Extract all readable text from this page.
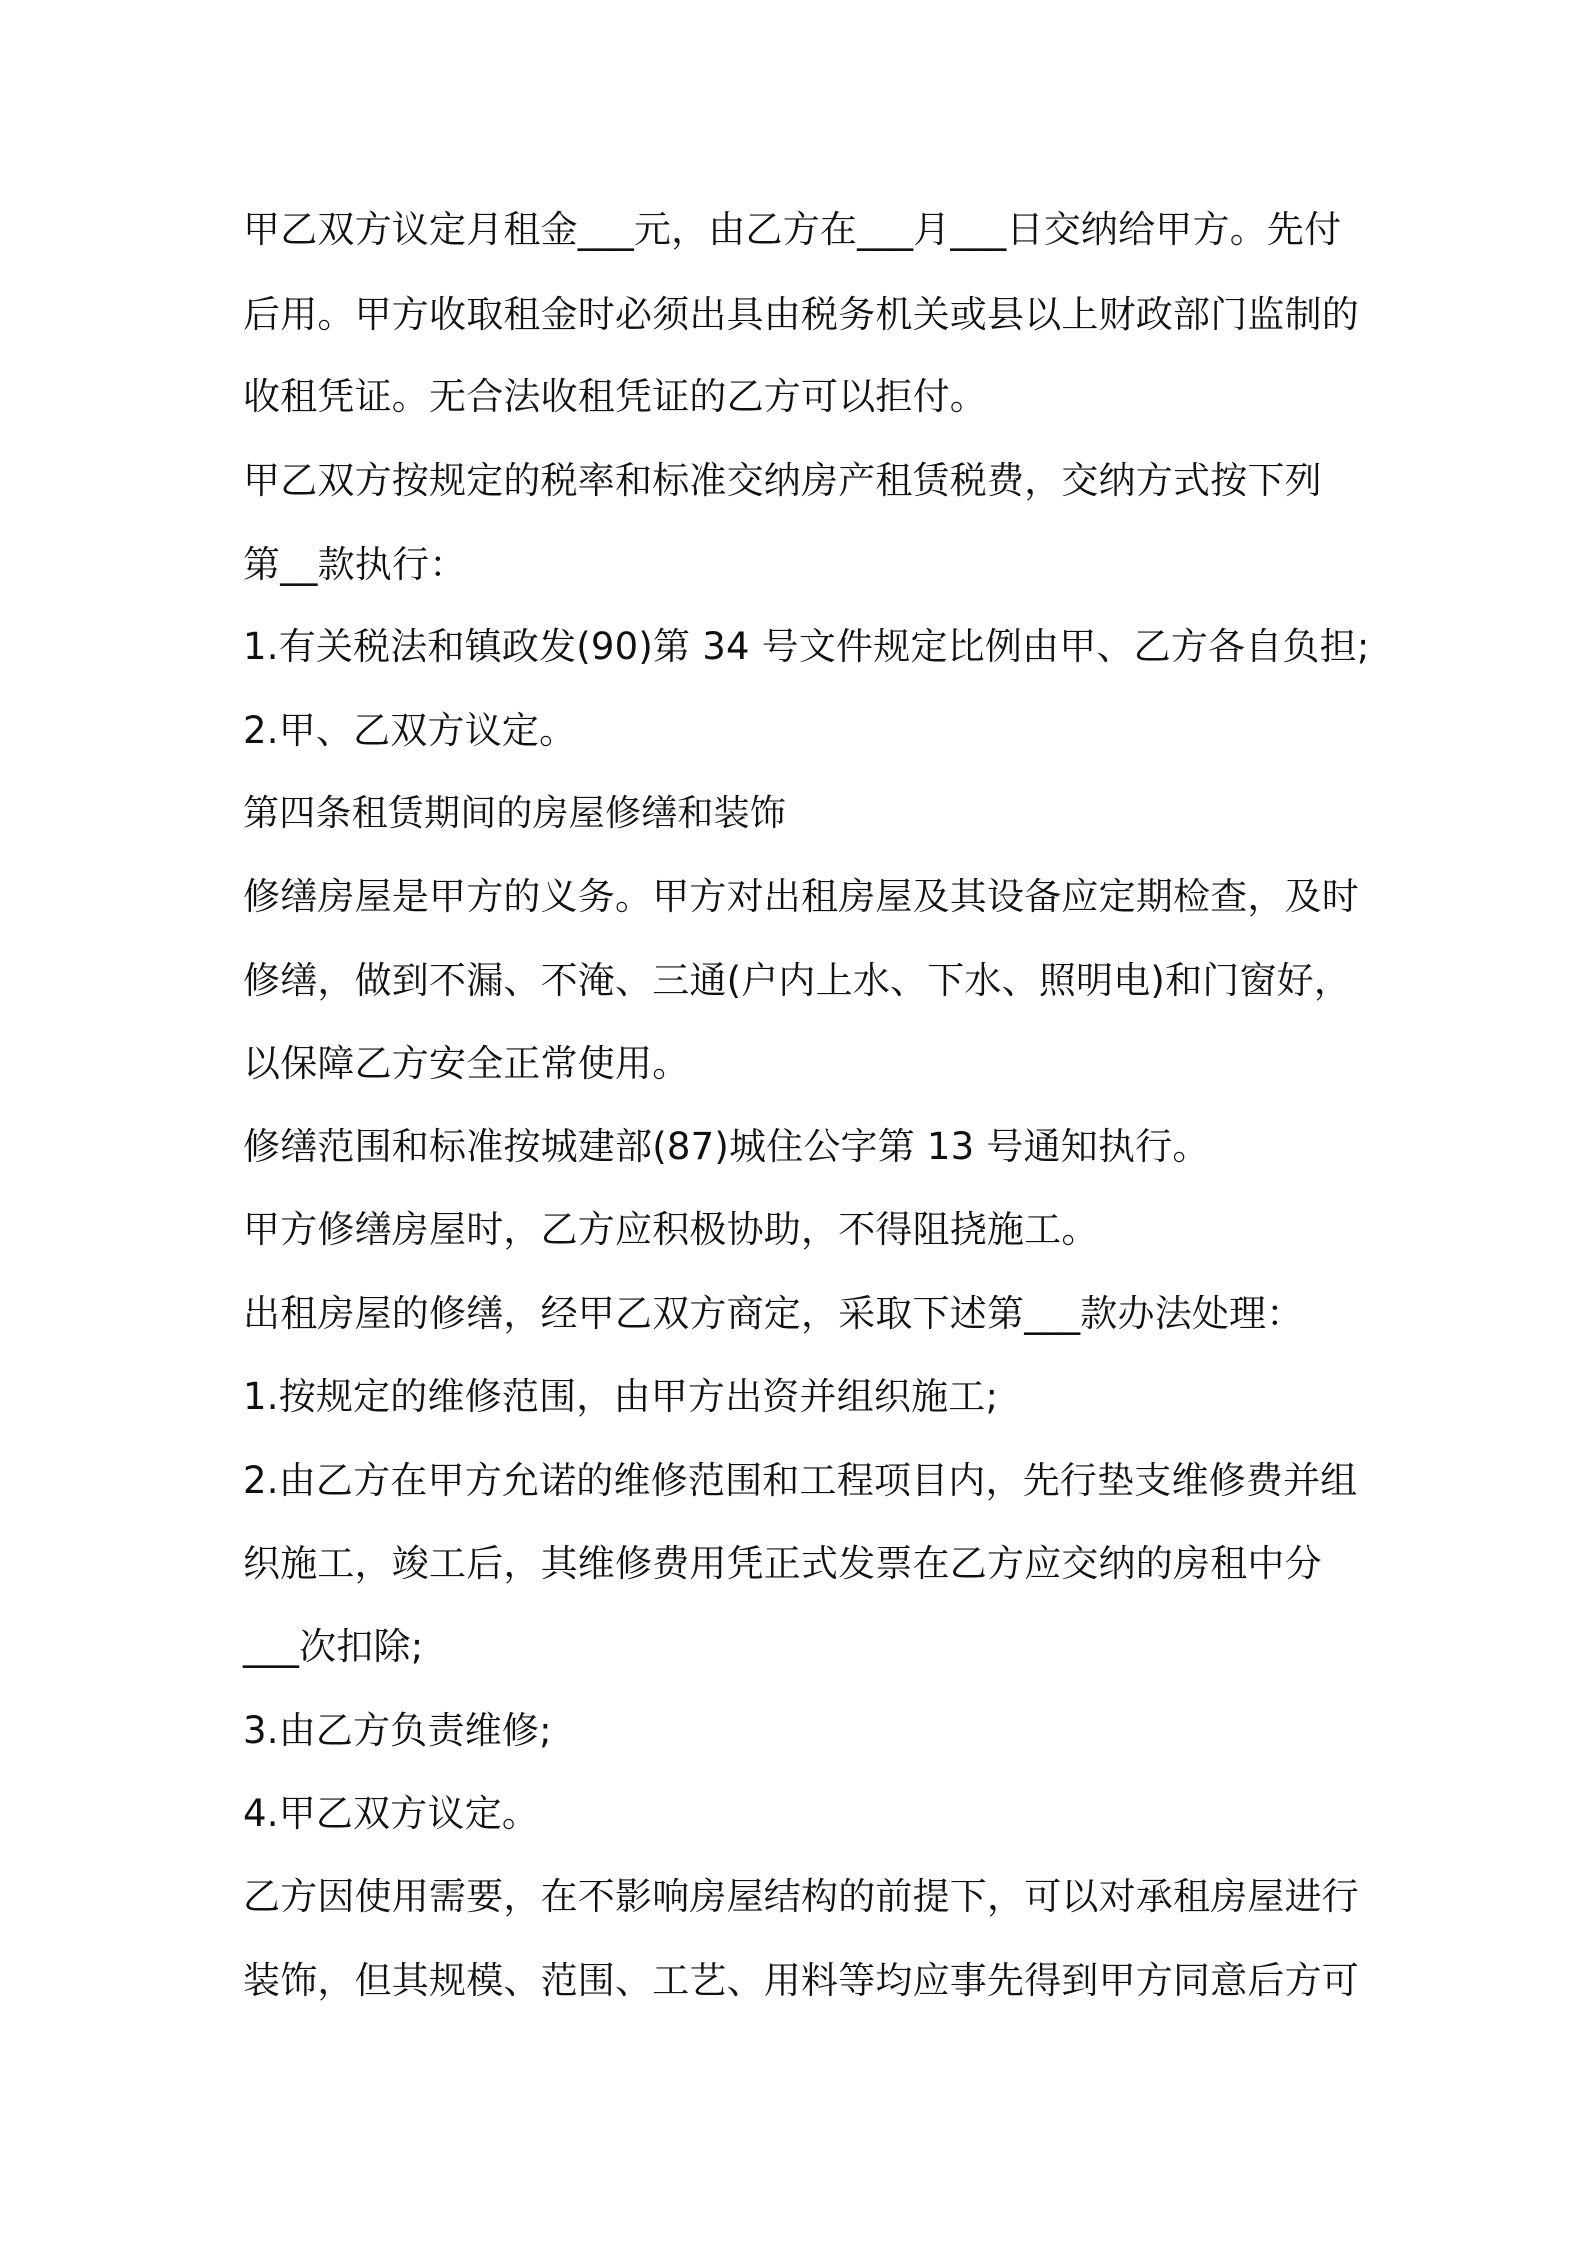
甲乙双方议定月租金___元，由乙方在___月___日交纳给甲方。先付
后用。甲方收取租金时必须出具由税务机关或县以上财政部门监制的
收租凭证。无合法收租凭证的乙方可以拒付。
甲乙双方按规定的税率和标准交纳房产租赁税费，交纳方式按下列
第__款执行：
1.有关税法和镇政发(90)第 34 号文件规定比例由甲、乙方各自负担;
2.甲、乙双方议定。
第四条租赁期间的房屋修缮和装饰
修缮房屋是甲方的义务。甲方对出租房屋及其设备应定期检查，及时
修缮，做到不漏、不淹、三通(户内上水、下水、照明电)和门窗好，
以保障乙方安全正常使用。
修缮范围和标准按城建部(87)城住公字第 13 号通知执行。
甲方修缮房屋时，乙方应积极协助，不得阻挠施工。
出租房屋的修缮，经甲乙双方商定，采取下述第___款办法处理：
1.按规定的维修范围，由甲方出资并组织施工;
2.由乙方在甲方允诺的维修范围和工程项目内，先行垫支维修费并组
织施工，竣工后，其维修费用凭正式发票在乙方应交纳的房租中分
___次扣除;
3.由乙方负责维修;
4.甲乙双方议定。
乙方因使用需要，在不影响房屋结构的前提下，可以对承租房屋进行
装饰，但其规模、范围、工艺、用料等均应事先得到甲方同意后方可
